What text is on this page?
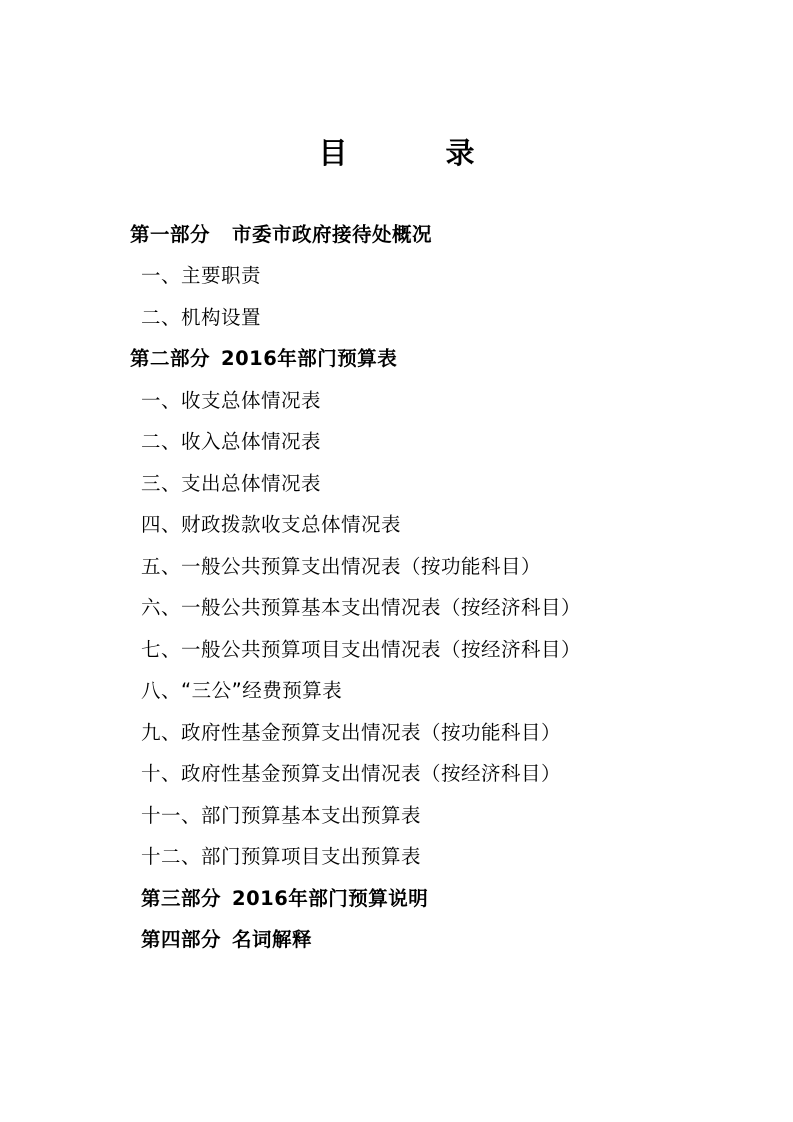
目 录
第一部分 市委市政府接待处概况
一、主要职责
二、机构设置
第二部分 2016年部门预算表
一、收支总体情况表
二、收入总体情况表
三、支出总体情况表
四、财政拨款收支总体情况表
五、一般公共预算支出情况表（按功能科目）
六、一般公共预算基本支出情况表（按经济科目）
七、一般公共预算项目支出情况表（按经济科目）
八、“三公”经费预算表
九、政府性基金预算支出情况表（按功能科目）
十、政府性基金预算支出情况表（按经济科目）
十一、部门预算基本支出预算表
十二、部门预算项目支出预算表
第三部分 2016年部门预算说明
第四部分 名词解释
